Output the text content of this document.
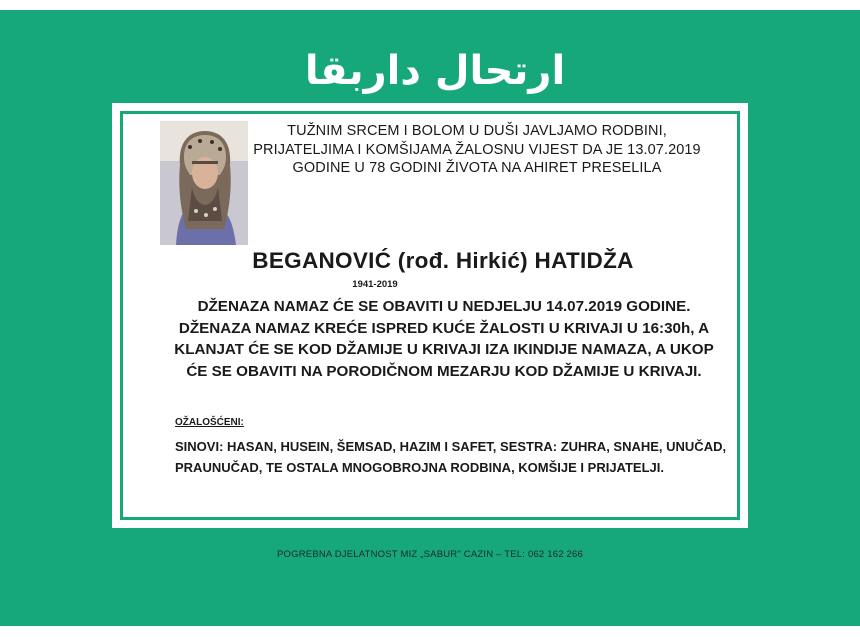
ارتحال داربقا
TUŽNIM SRCEM I BOLOM U DUŠI JAVLJAMO RODBINI, PRIJATELJIMA I KOMŠIJAMA ŽALOSNU VIJEST DA JE 13.07.2019 GODINE U 78 GODINI ŽIVOTA NA AHIRET PRESELILA
BEGANOVIĆ (rođ. Hirkić) HATIDŽA
1941-2019
DŽENAZA NAMAZ ĆE SE OBAVITI U NEDJELJU 14.07.2019 GODINE. DŽENAZA NAMAZ KREĆE ISPRED KUĆE ŽALOSTI U KRIVAJI U 16:30h, A KLANJAT ĆE SE KOD DŽAMIJE U KRIVAJI IZA IKINDIJE NAMAZA, A UKOP ĆE SE OBAVITI NA PORODIČNOM MEZARJU KOD DŽAMIJE U KRIVAJI.
OŽALOŠĆENI:
SINOVI: HASAN, HUSEIN, ŠEMSAD, HAZIM I SAFET, SESTRA: ZUHRA, SNAHE, UNUČAD, PRAUNUČAD, TE OSTALA MNOGOBROJNA RODBINA, KOMŠIJE I PRIJATELJI.
POGREBNA DJELATNOST MIZ „SABUR" CAZIN – TEL: 062 162 266
